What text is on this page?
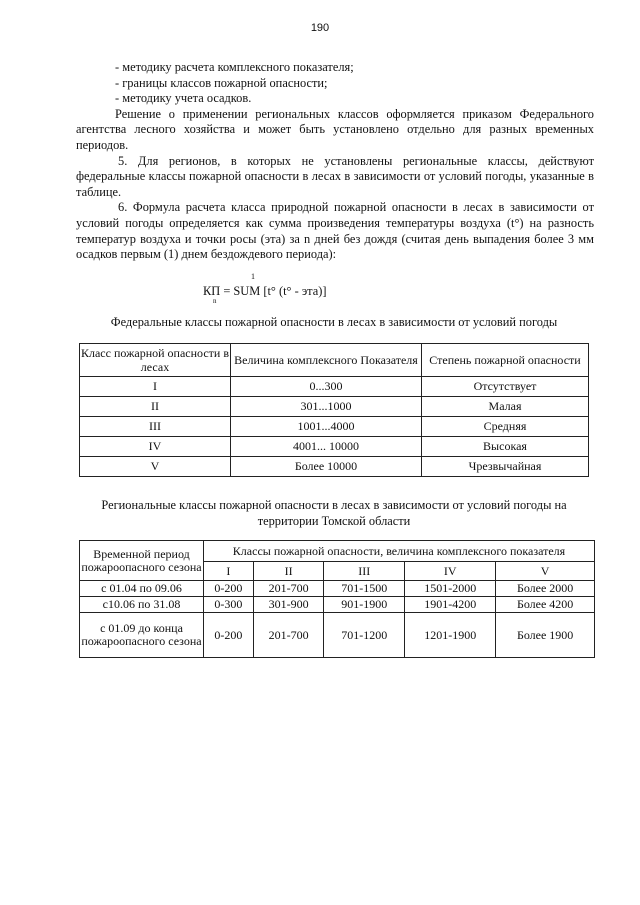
190

- методику расчета комплексного показателя;

- границы классов пожарной опасности;

- методику учета осадков.

Решение о применении региональных классов оформляется приказом Федерального агентства лесного хозяйства и может быть установлено отдельно для разных временных периодов.

5. Для регионов, в которых не установлены региональные классы, действуют федеральные классы пожарной опасности в лесах в зависимости от условий погоды, указанные в таблице.

6. Формула расчета класса природной пожарной опасности в лесах в зависимости от условий погоды определяется как сумма произведения температуры воздуха (t°) на разность температур воздуха и точки росы (эта) за n дней без дождя (считая день выпадения более 3 мм осадков первым (1) днем бездождевого периода):

1
КП
n
= SUM [t° (t° - эта)]
Федеральные классы пожарной опасности в лесах в зависимости от условий погоды
Класс пожарной опасности в лесах	Величина комплексного Показателя	Степень пожарной опасности
I	0...300	Отсутствует
II	301...1000	Малая
III	1001...4000	Средняя
IV	4001... 10000	Высокая
V	Более 10000	Чрезвычайная
Региональные классы пожарной опасности в лесах в зависимости от условий погоды на территории Томской области
Временной период пожароопасного сезона	Классы пожарной опасности, величина комплексного показателя				
	I	II	III	IV	V
с 01.04 по 09.06	0-200	201-700	701-1500	1501-2000	Более 2000
с10.06 по 31.08	0-300	301-900	901-1900	1901-4200	Более 4200
с 01.09 до конца пожароопасного сезона	0-200	201-700	701-1200	1201-1900	Более 1900
